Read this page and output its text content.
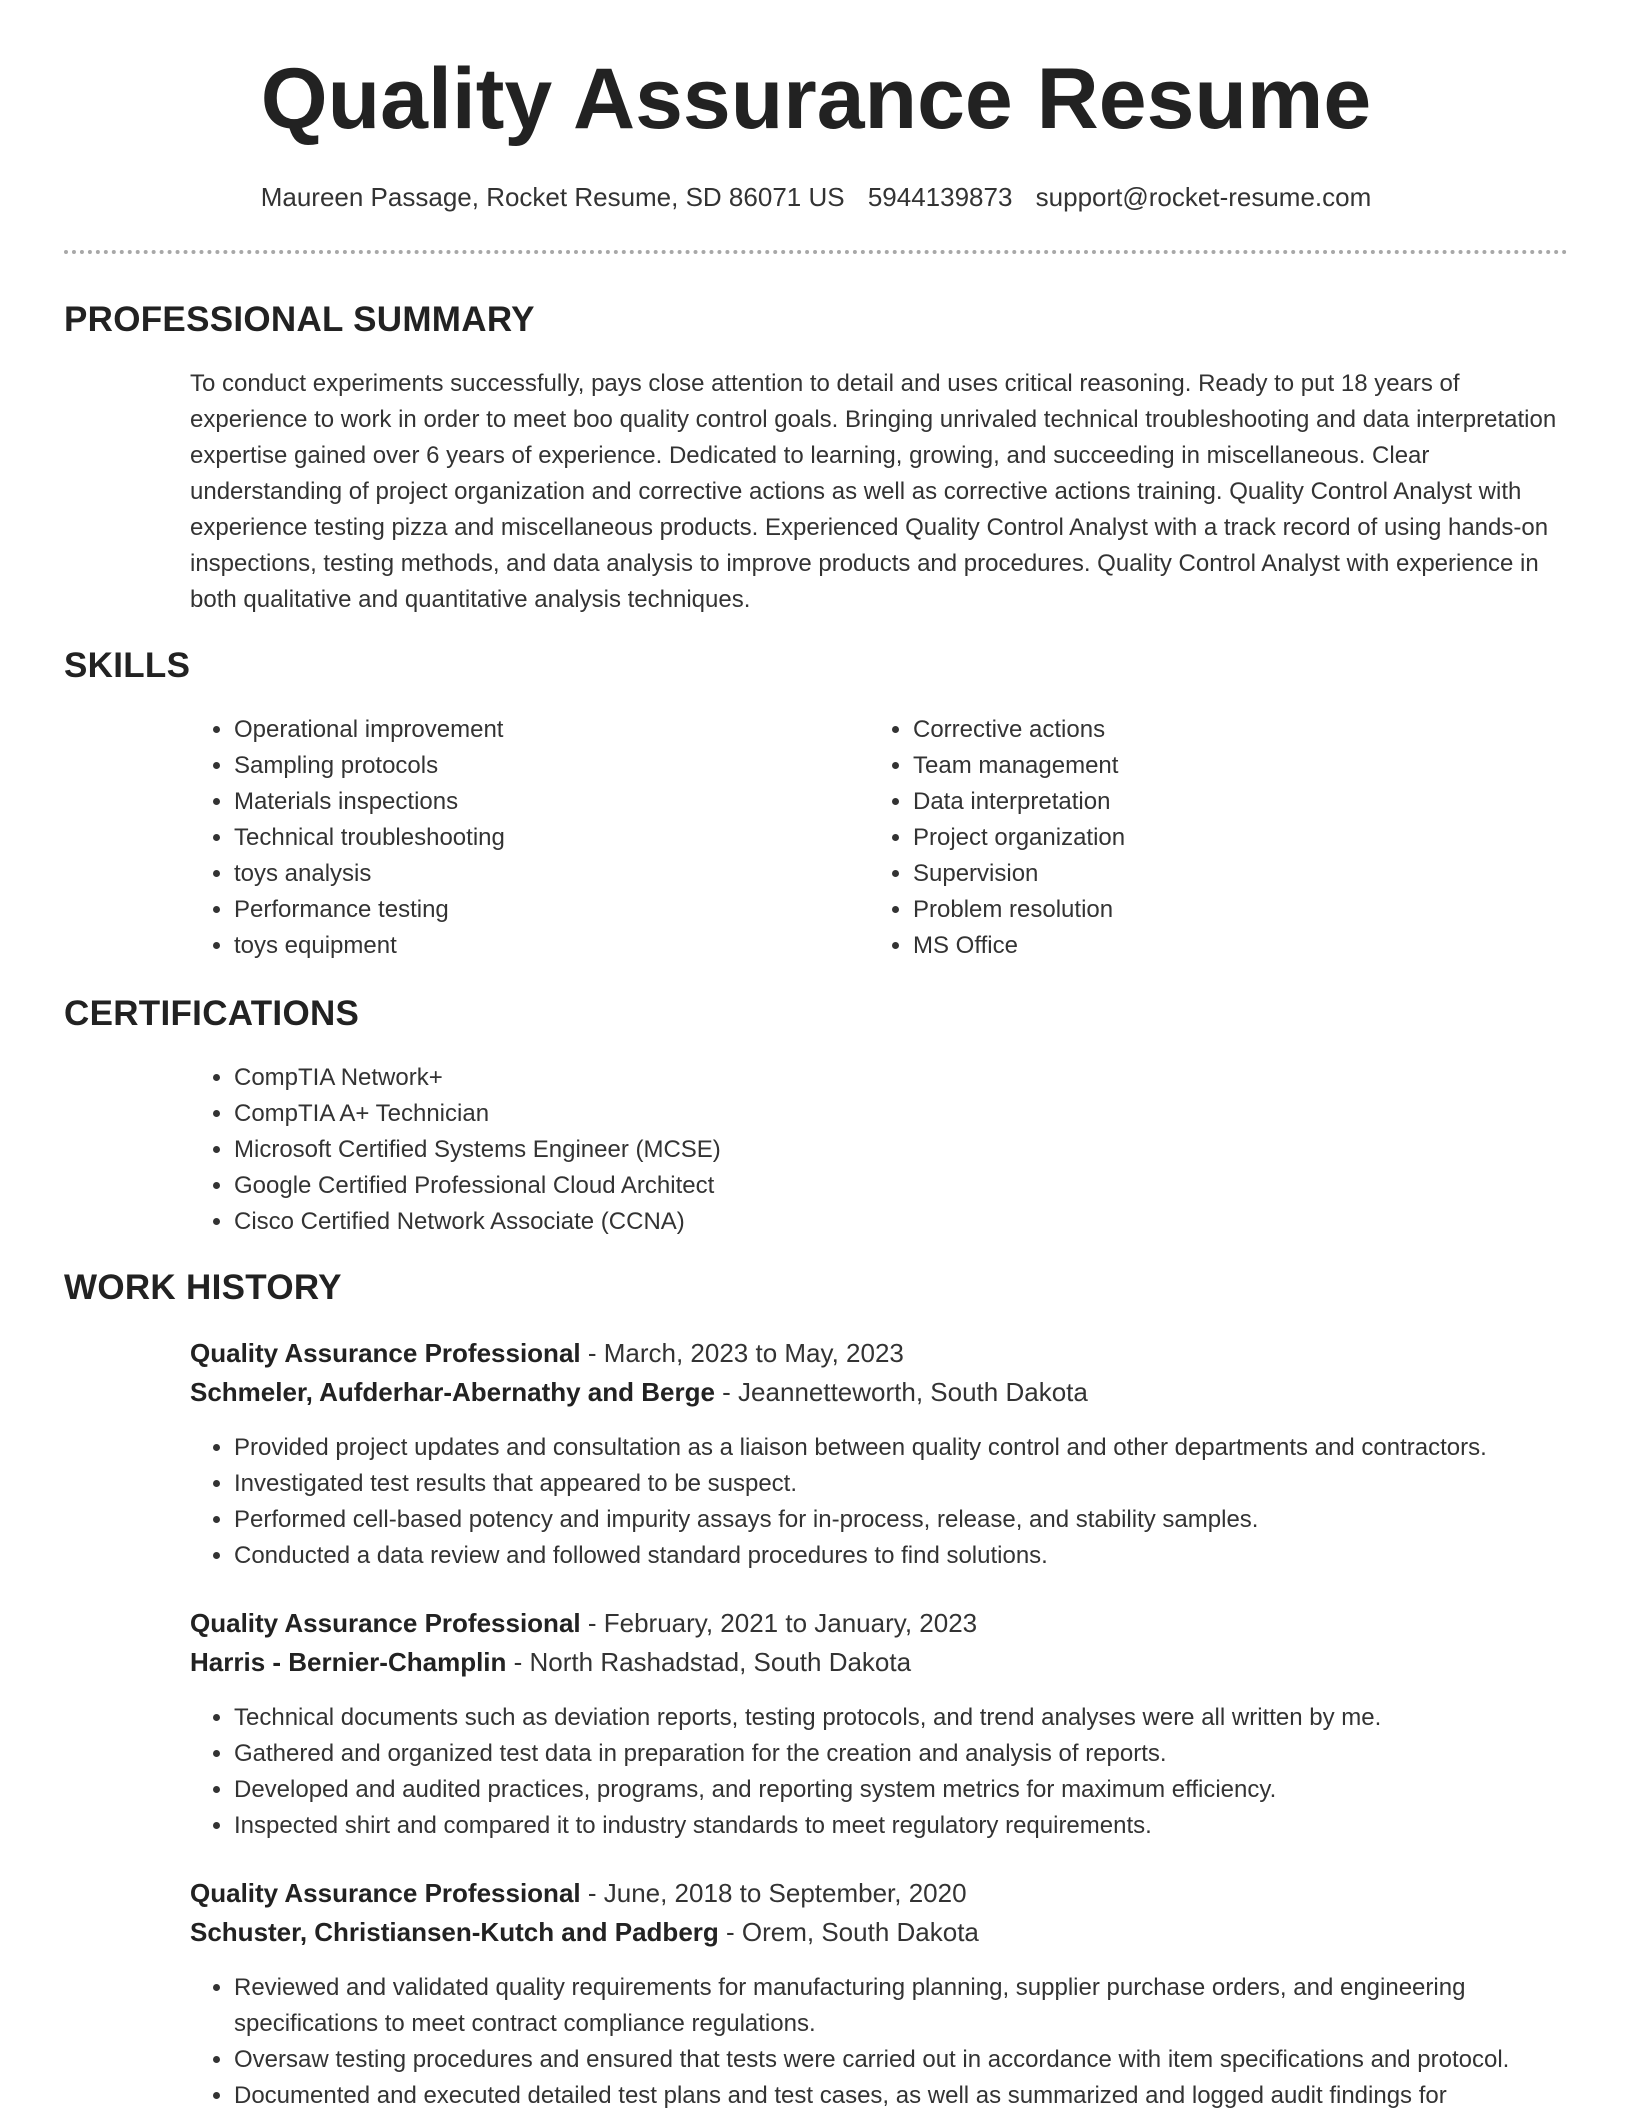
Quality Assurance Resume
Maureen Passage, Rocket Resume, SD 86071 US 5944139873 support@rocket-resume.com
PROFESSIONAL SUMMARY

To conduct experiments successfully, pays close attention to detail and uses critical reasoning. Ready to put 18 years of experience to work in order to meet boo quality control goals. Bringing unrivaled technical troubleshooting and data interpretation expertise gained over 6 years of experience. Dedicated to learning, growing, and succeeding in miscellaneous. Clear understanding of project organization and corrective actions as well as corrective actions training. Quality Control Analyst with experience testing pizza and miscellaneous products. Experienced Quality Control Analyst with a track record of using hands-on inspections, testing methods, and data analysis to improve products and procedures. Quality Control Analyst with experience in both qualitative and quantitative analysis techniques.

SKILLS
• Operational improvement
• Sampling protocols
• Materials inspections
• Technical troubleshooting
• toys analysis
• Performance testing
• toys equipment
• Corrective actions
• Team management
• Data interpretation
• Project organization
• Supervision
• Problem resolution
• MS Office
CERTIFICATIONS
• CompTIA Network+
• CompTIA A+ Technician
• Microsoft Certified Systems Engineer (MCSE)
• Google Certified Professional Cloud Architect
• Cisco Certified Network Associate (CCNA)
WORK HISTORY

Quality Assurance Professional - March, 2023 to May, 2023

Schmeler, Aufderhar-Abernathy and Berge - Jeannetteworth, South Dakota

• Provided project updates and consultation as a liaison between quality control and other departments and contractors.
• Investigated test results that appeared to be suspect.
• Performed cell-based potency and impurity assays for in-process, release, and stability samples.
• Conducted a data review and followed standard procedures to find solutions.

Quality Assurance Professional - February, 2021 to January, 2023

Harris - Bernier-Champlin - North Rashadstad, South Dakota

• Technical documents such as deviation reports, testing protocols, and trend analyses were all written by me.
• Gathered and organized test data in preparation for the creation and analysis of reports.
• Developed and audited practices, programs, and reporting system metrics for maximum efficiency.
• Inspected shirt and compared it to industry standards to meet regulatory requirements.

Quality Assurance Professional - June, 2018 to September, 2020

Schuster, Christiansen-Kutch and Padberg - Orem, South Dakota

• Reviewed and validated quality requirements for manufacturing planning, supplier purchase orders, and engineering specifications to meet contract compliance regulations.
• Oversaw testing procedures and ensured that tests were carried out in accordance with item specifications and protocol.
• Documented and executed detailed test plans and test cases, as well as summarized and logged audit findings for
